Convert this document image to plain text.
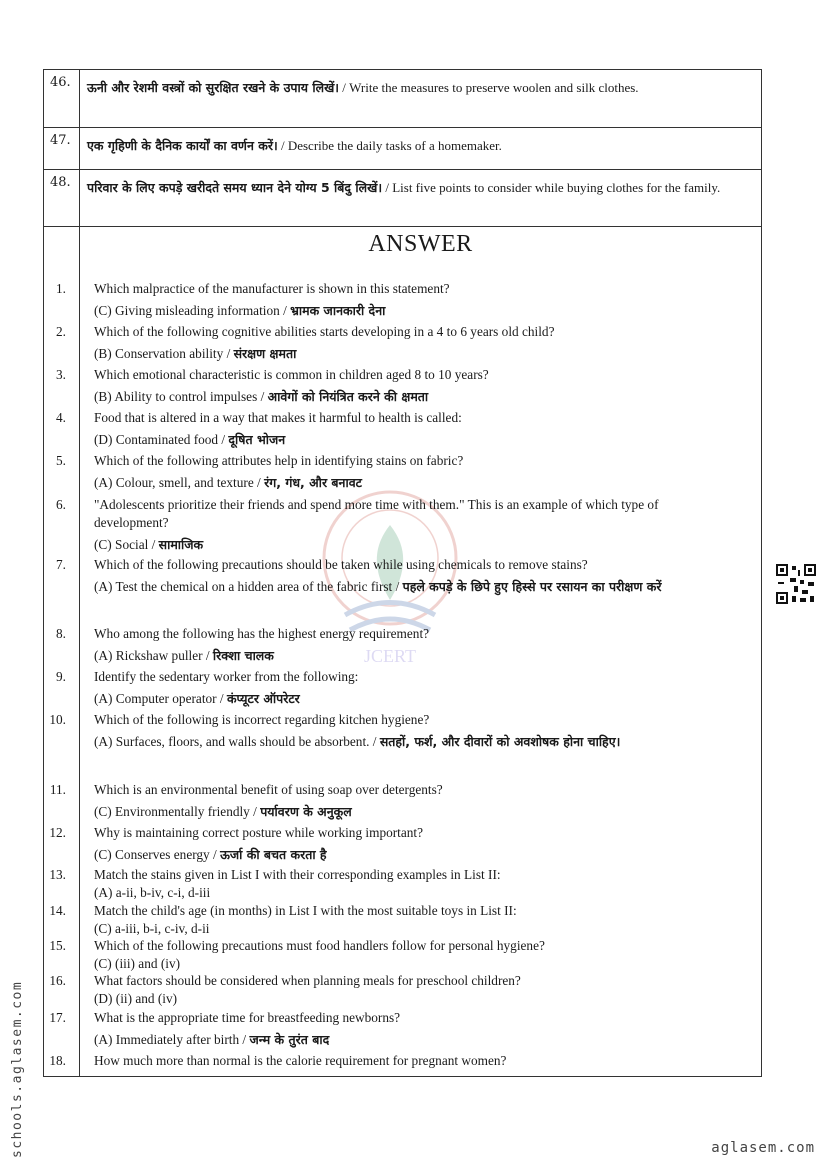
46. ऊनी और रेशमी वस्त्रों को सुरक्षित रखने के उपाय लिखें। / Write the measures to preserve woolen and silk clothes.
47. एक गृहिणी के दैनिक कार्यों का वर्णन करें। / Describe the daily tasks of a homemaker.
48. परिवार के लिए कपड़े खरीदते समय ध्यान देने योग्य 5 बिंदु लिखें। / List five points to consider while buying clothes for the family.
ANSWER
JCERT
1.	Which malpractice of the manufacturer is shown in this statement?
(C) Giving misleading information / भ्रामक जानकारी देना
2.	Which of the following cognitive abilities starts developing in a 4 to 6 years old child?
(B) Conservation ability / संरक्षण क्षमता
3.	Which emotional characteristic is common in children aged 8 to 10 years?
(B) Ability to control impulses / आवेगों को नियंत्रित करने की क्षमता
4.	Food that is altered in a way that makes it harmful to health is called:
(D) Contaminated food / दूषित भोजन
5.	Which of the following attributes help in identifying stains on fabric?
(A) Colour, smell, and texture / रंग, गंध, और बनावट
6.	"Adolescents prioritize their friends and spend more time with them." This is an example of which type of development?
(C) Social / सामाजिक
7.	Which of the following precautions should be taken while using chemicals to remove stains?
(A) Test the chemical on a hidden area of the fabric first / पहले कपड़े के छिपे हुए हिस्से पर रसायन का परीक्षण करें
8.	Who among the following has the highest energy requirement?
(A) Rickshaw puller / रिक्शा चालक
9.	Identify the sedentary worker from the following:
(A) Computer operator / कंप्यूटर ऑपरेटर
10.	Which of the following is incorrect regarding kitchen hygiene?
(A) Surfaces, floors, and walls should be absorbent. / सतहों, फर्श, और दीवारों को अवशोषक होना चाहिए।
11.	Which is an environmental benefit of using soap over detergents?
(C) Environmentally friendly / पर्यावरण के अनुकूल
12.	Why is maintaining correct posture while working important?
(C) Conserves energy / ऊर्जा की बचत करता है
13.	Match the stains given in List I with their corresponding examples in List II:
(A) a-ii, b-iv, c-i, d-iii
14.	Match the child's age (in months) in List I with the most suitable toys in List II:
(C) a-iii, b-i, c-iv, d-ii
15.	Which of the following precautions must food handlers follow for personal hygiene?
(C) (iii) and (iv)
16.	What factors should be considered when planning meals for preschool children?
(D) (ii) and (iv)
17.	What is the appropriate time for breastfeeding newborns?
(A) Immediately after birth / जन्म के तुरंत बाद
18.	How much more than normal is the calorie requirement for pregnant women?
schools.aglasem.com	aglasem.com
